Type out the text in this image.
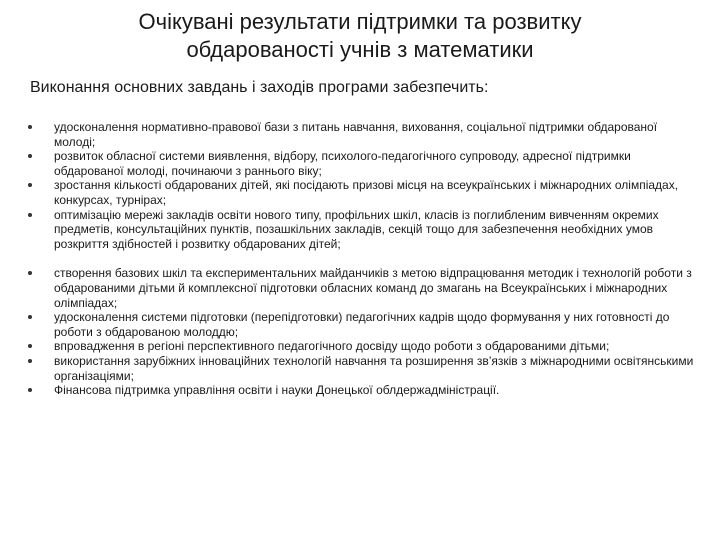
Очікувані результати підтримки та розвитку
обдарованості учнів з математики

Виконання основних завдань і заходів програми забезпечить:

удосконалення нормативно-правової бази з питань навчання, виховання, соціальної підтримки обдарованої молоді;
розвиток обласної системи виявлення, відбору, психолого-педагогічного супроводу, адресної підтримки обдарованої молоді, починаючи з раннього віку;
зростання кількості обдарованих дітей, які посідають призові місця на всеукраїнських і міжнародних олімпіадах, конкурсах, турнірах;
оптимізацію мережі закладів освіти нового типу, профільних шкіл, класів із поглибленим вивченням окремих предметів, консультаційних пунктів, позашкільних закладів, секцій тощо для забезпечення необхідних умов розкриття здібностей і розвитку обдарованих дітей;
створення базових шкіл та експериментальних майданчиків з метою відпрацювання методик і технологій роботи з обдарованими дітьми й комплексної підготовки обласних команд до змагань на Всеукраїнських і міжнародних олімпіадах;
удосконалення системи підготовки (перепідготовки) педагогічних кадрів щодо формування у них готовності до роботи з обдарованою молоддю;
впровадження в регіоні перспективного педагогічного досвіду щодо роботи з обдарованими дітьми;
використання зарубіжних інноваційних технологій навчання та розширення зв’язків з міжнародними освітянськими організаціями;
Фінансова підтримка управління освіти і науки Донецької облдержадміністрації.
